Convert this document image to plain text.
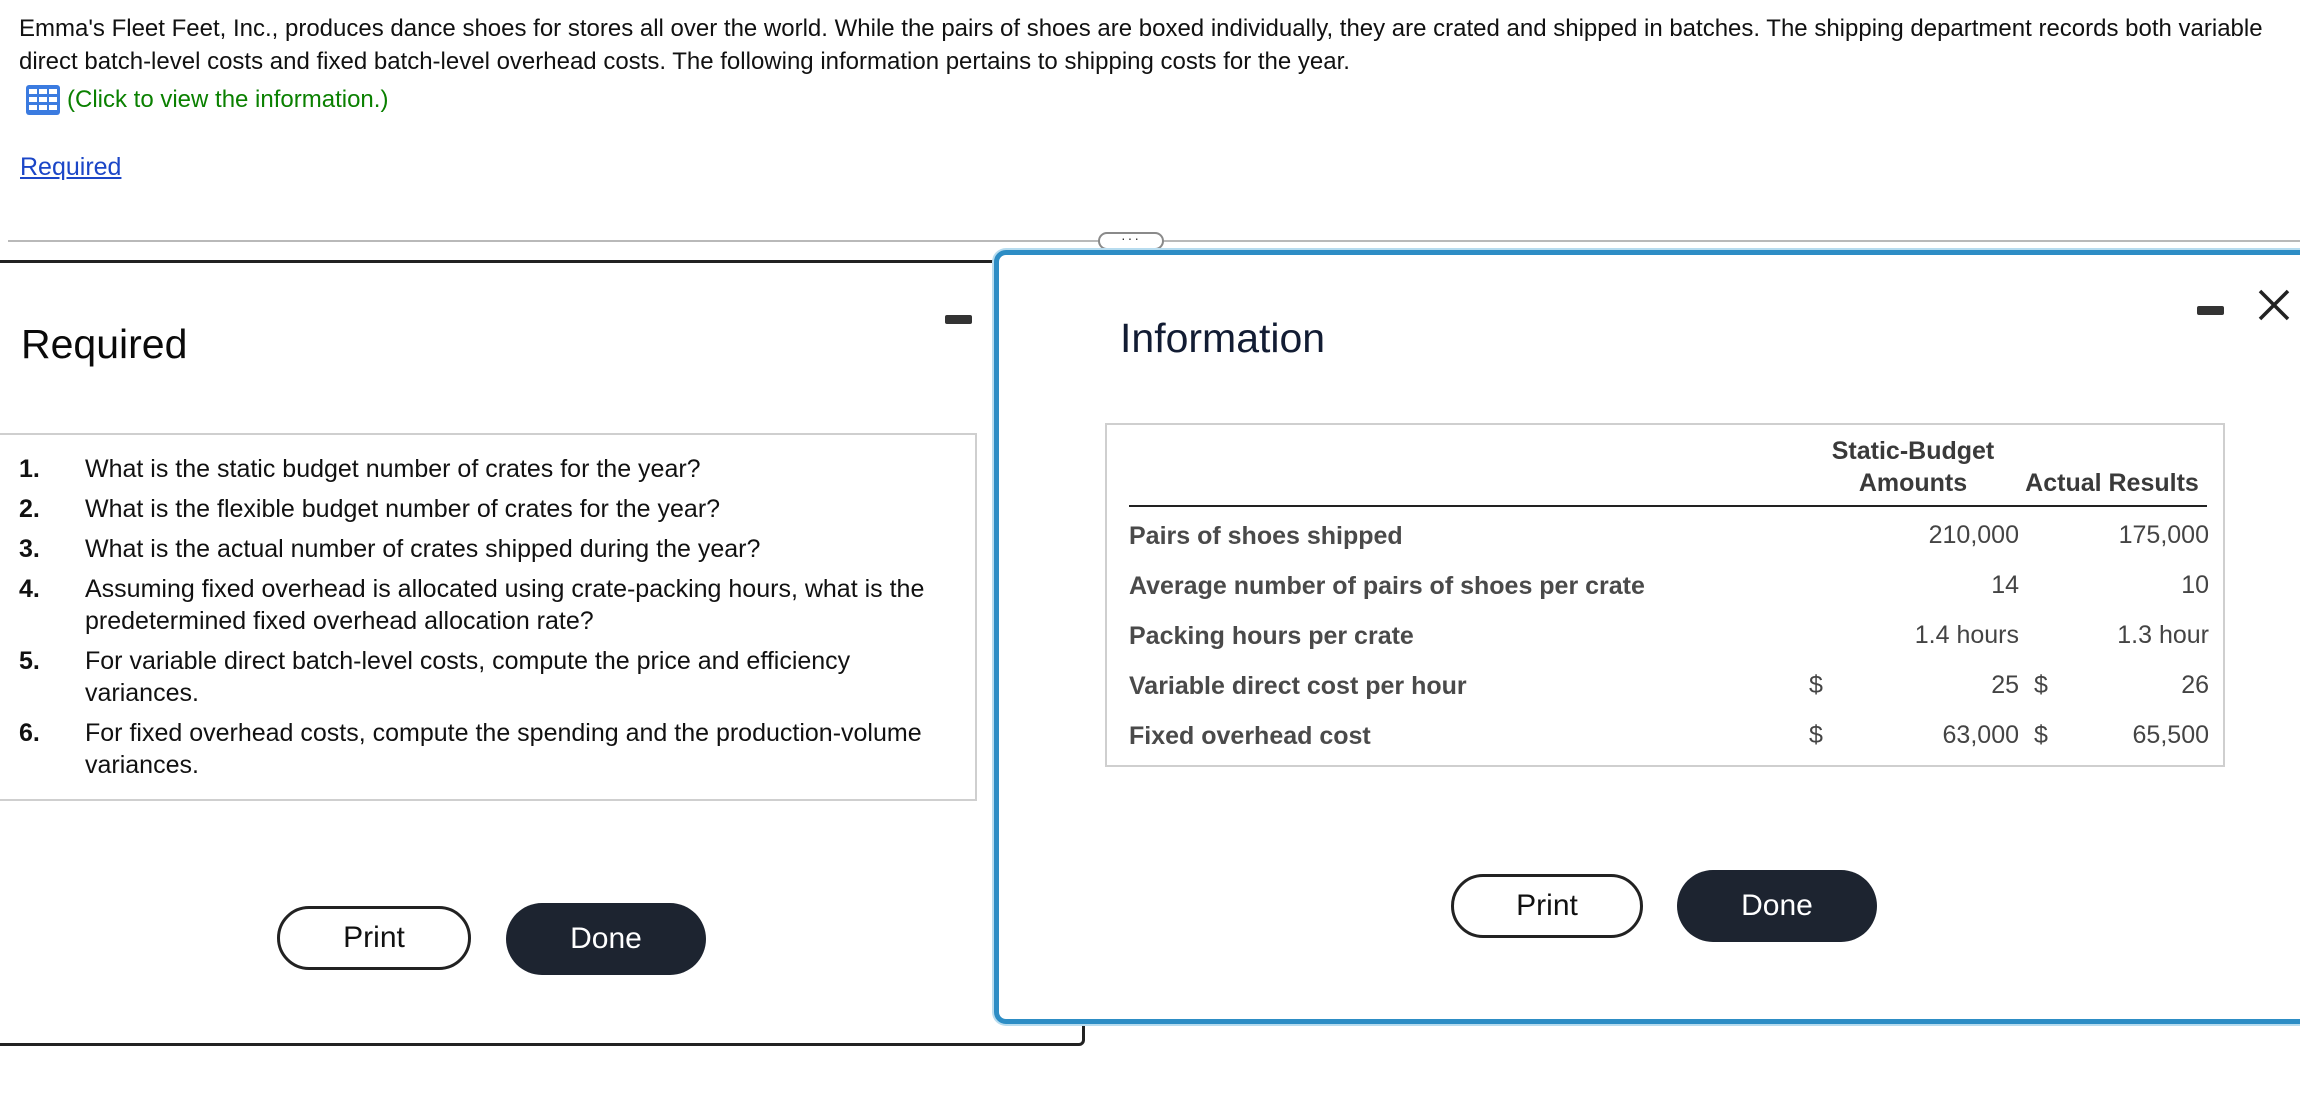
Emma's Fleet Feet, Inc., produces dance shoes for stores all over the world. While the pairs of shoes are boxed individually, they are crated and shipped in batches. The shipping department records both variable direct batch-level costs and fixed batch-level overhead costs. The following information pertains to shipping costs for the year.
(Click to view the information.)
Required
···
Required
1.	What is the static budget number of crates for the year?
2.	What is the flexible budget number of crates for the year?
3.	What is the actual number of crates shipped during the year?
4.	Assuming fixed overhead is allocated using crate-packing hours, what is the predetermined fixed overhead allocation rate?
5.	For variable direct batch-level costs, compute the price and efficiency variances.
6.	For fixed overhead costs, compute the spending and the production-volume variances.
Print	Done
Information
Static-Budget
Amounts	Actual Results
Pairs of shoes shipped	210,000	175,000
Average number of pairs of shoes per crate	14	10
Packing hours per crate	1.4 hours	1.3 hour
Variable direct cost per hour	$	25 $	26
Fixed overhead cost	$	63,000 $	65,500
Print	Done
